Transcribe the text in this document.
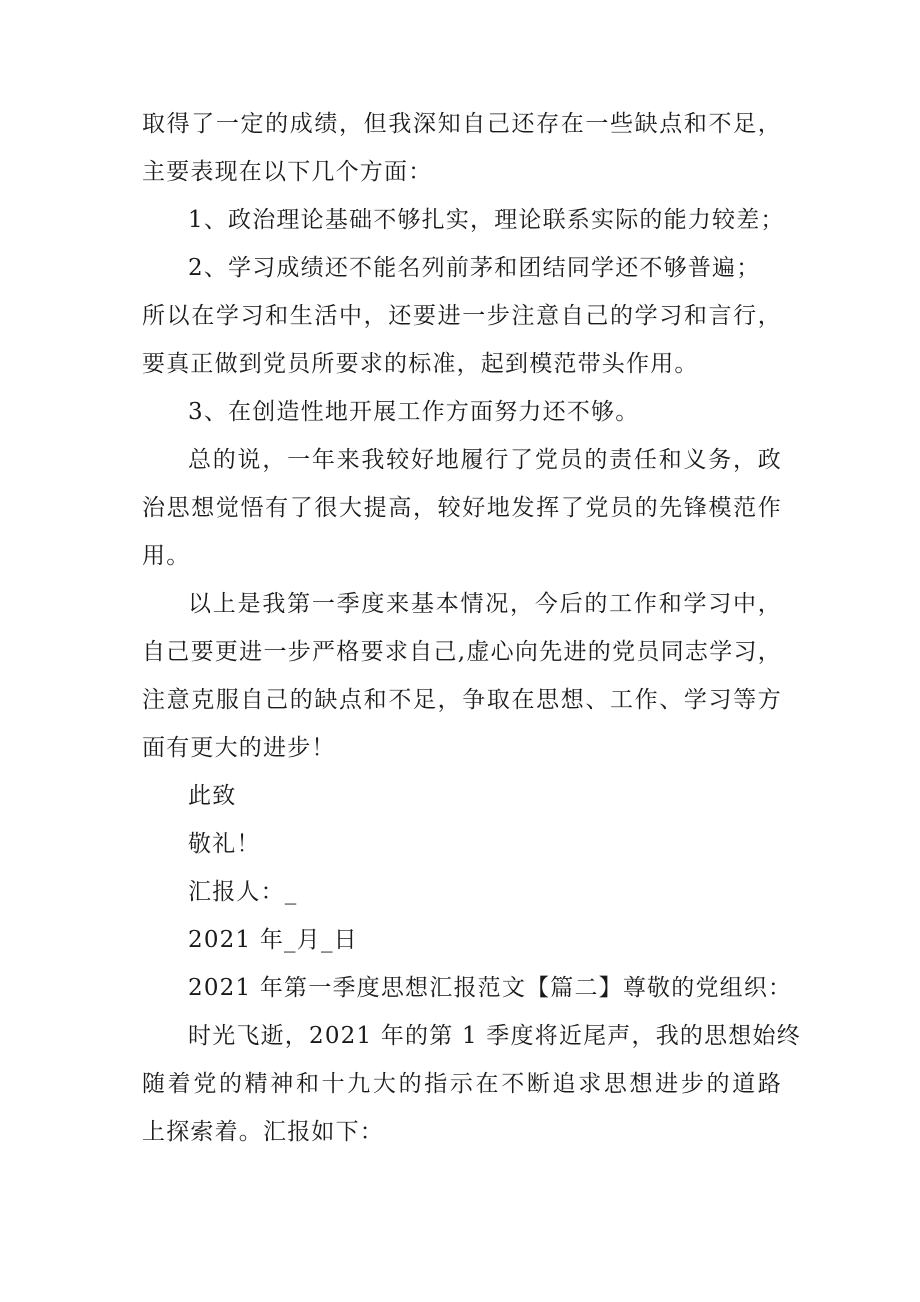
取得了一定的成绩，但我深知自己还存在一些缺点和不足，
主要表现在以下几个方面：
1、政治理论基础不够扎实，理论联系实际的能力较差；
2、学习成绩还不能名列前茅和团结同学还不够普遍；
所以在学习和生活中，还要进一步注意自己的学习和言行，
要真正做到党员所要求的标准，起到模范带头作用。
3、在创造性地开展工作方面努力还不够。
总的说，一年来我较好地履行了党员的责任和义务，政
治思想觉悟有了很大提高，较好地发挥了党员的先锋模范作
用。
以上是我第一季度来基本情况，今后的工作和学习中，
自己要更进一步严格要求自己,虚心向先进的党员同志学习，
注意克服自己的缺点和不足，争取在思想、工作、学习等方
面有更大的进步！
此致
敬礼！
汇报人：_
2021 年_月_日
2021 年第一季度思想汇报范文【篇二】尊敬的党组织：
时光飞逝，2021 年的第 1 季度将近尾声，我的思想始终
随着党的精神和十九大的指示在不断追求思想进步的道路
上探索着。汇报如下：
